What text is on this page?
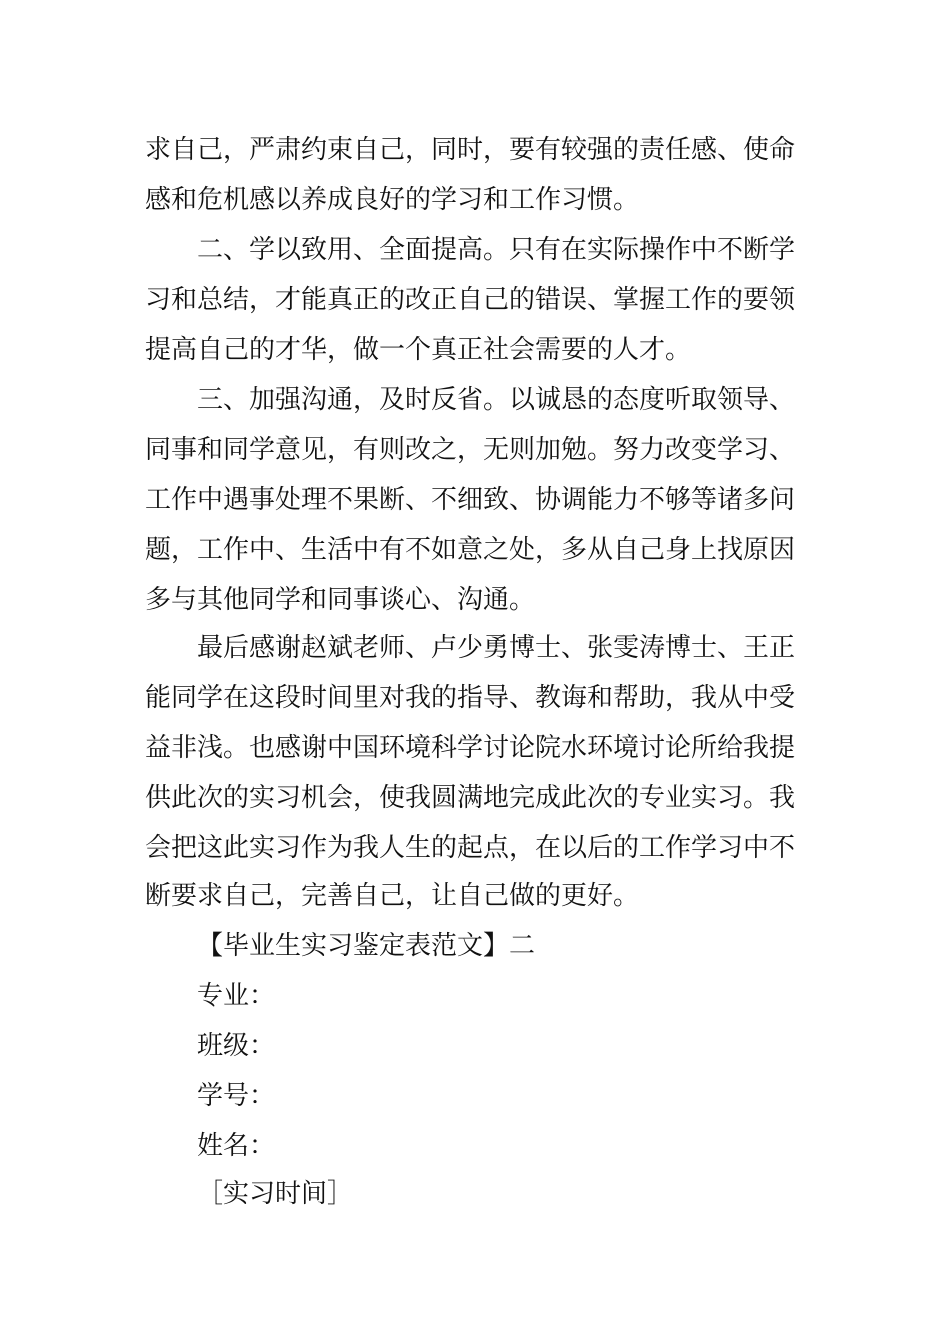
求自己，严肃约束自己，同时，要有较强的责任感、使命
感和危机感以养成良好的学习和工作习惯。
二、学以致用、全面提高。只有在实际操作中不断学
习和总结，才能真正的改正自己的错误、掌握工作的要领
提高自己的才华，做一个真正社会需要的人才。
三、加强沟通，及时反省。以诚恳的态度听取领导、
同事和同学意见，有则改之，无则加勉。努力改变学习、
工作中遇事处理不果断、不细致、协调能力不够等诸多问
题，工作中、生活中有不如意之处，多从自己身上找原因
多与其他同学和同事谈心、沟通。
最后感谢赵斌老师、卢少勇博士、张雯涛博士、王正
能同学在这段时间里对我的指导、教诲和帮助，我从中受
益非浅。也感谢中国环境科学讨论院水环境讨论所给我提
供此次的实习机会，使我圆满地完成此次的专业实习。我
会把这此实习作为我人生的起点，在以后的工作学习中不
断要求自己，完善自己，让自己做的更好。
【毕业生实习鉴定表范文】二
专业：
班级：
学号：
姓名：
［实习时间］
